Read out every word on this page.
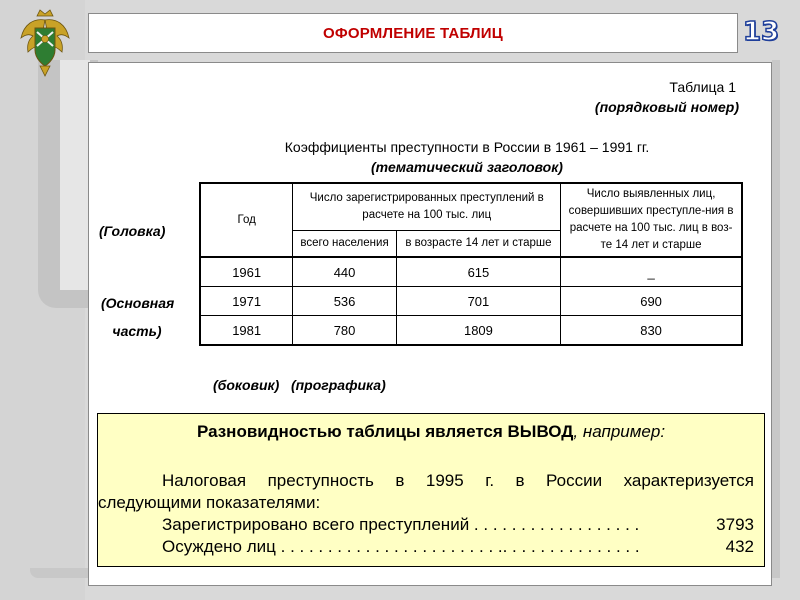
ОФОРМЛЕНИЕ ТАБЛИЦ	13
Таблица 1
(порядковый номер)
Коэффициенты преступности в России в 1961 – 1991 гг.
(тематический заголовок)
(Головка)
(Основная
часть)
Год	Число зарегистрированных преступлений в расчете на 100 тыс. лиц		Число выявленных лиц, совершивших преступле-ния в расчете на 100 тыс. лиц в воз-те 14 лет и старше
	всего населения	в возрасте 14 лет и старше	
1961	440	615	_
1971	536	701	690
1981	780	1809	830
(боковик) (прографика)
Разновидностью таблицы является ВЫВОД, например:
Налоговая преступность в 1995 г. в России характеризуется
следующими показателями:
Зарегистрировано всего преступлений . . . . . . . . . . . . . . . . . .	3793
Осуждено лиц . . . . . . . . . . . . . . . . . . . . . . . .. . . . . . . . . . . . . . .	432
